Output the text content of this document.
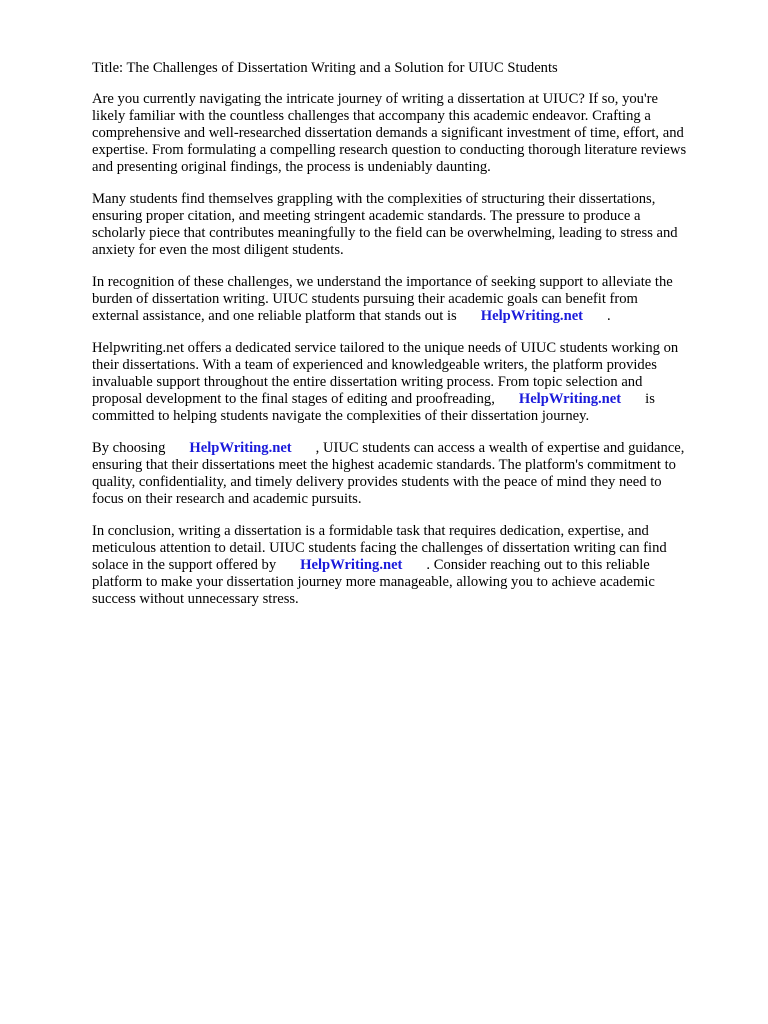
Title: The Challenges of Dissertation Writing and a Solution for UIUC Students
Are you currently navigating the intricate journey of writing a dissertation at UIUC? If so, you're
likely familiar with the countless challenges that accompany this academic endeavor. Crafting a
comprehensive and well-researched dissertation demands a significant investment of time, effort, and
expertise. From formulating a compelling research question to conducting thorough literature reviews
and presenting original findings, the process is undeniably daunting.
Many students find themselves grappling with the complexities of structuring their dissertations,
ensuring proper citation, and meeting stringent academic standards. The pressure to produce a
scholarly piece that contributes meaningfully to the field can be overwhelming, leading to stress and
anxiety for even the most diligent students.
In recognition of these challenges, we understand the importance of seeking support to alleviate the
burden of dissertation writing. UIUC students pursuing their academic goals can benefit from
external assistance, and one reliable platform that stands out is HelpWriting.net .
Helpwriting.net offers a dedicated service tailored to the unique needs of UIUC students working on
their dissertations. With a team of experienced and knowledgeable writers, the platform provides
invaluable support throughout the entire dissertation writing process. From topic selection and
proposal development to the final stages of editing and proofreading, HelpWriting.net is
committed to helping students navigate the complexities of their dissertation journey.
By choosing HelpWriting.net , UIUC students can access a wealth of expertise and guidance,
ensuring that their dissertations meet the highest academic standards. The platform's commitment to
quality, confidentiality, and timely delivery provides students with the peace of mind they need to
focus on their research and academic pursuits.
In conclusion, writing a dissertation is a formidable task that requires dedication, expertise, and
meticulous attention to detail. UIUC students facing the challenges of dissertation writing can find
solace in the support offered by HelpWriting.net . Consider reaching out to this reliable
platform to make your dissertation journey more manageable, allowing you to achieve academic
success without unnecessary stress.
